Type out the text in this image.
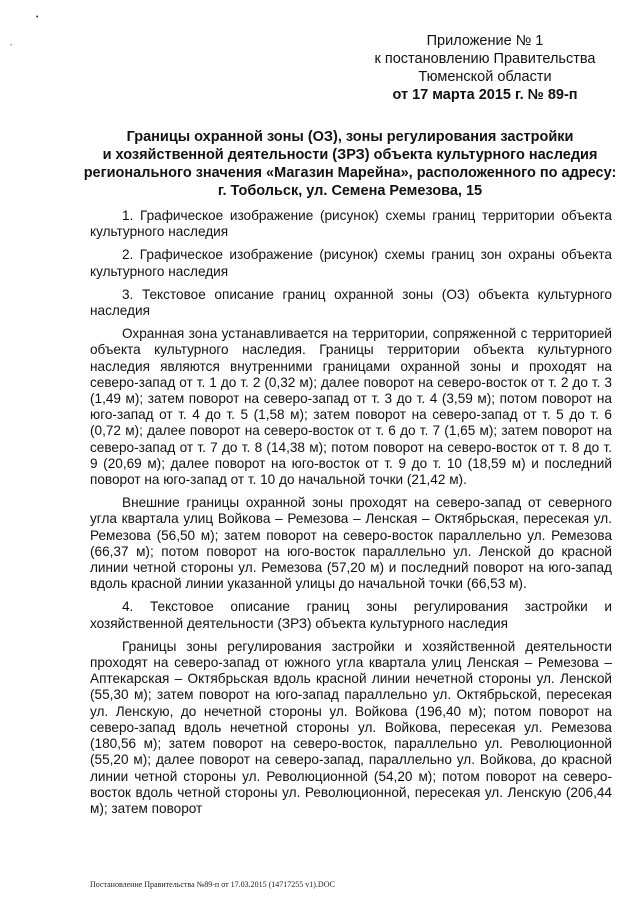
•
-	Приложение № 1
к постановлению Правительства
Тюменской области
от 17 марта 2015 г. № 89-п
Границы охранной зоны (ОЗ), зоны регулирования застройки
и хозяйственной деятельности (ЗРЗ) объекта культурного наследия
регионального значения «Магазин Марейна», расположенного по адресу:
г. Тобольск, ул. Семена Ремезова, 15

1. Графическое изображение (рисунок) схемы границ территории объекта культурного наследия

2. Графическое изображение (рисунок) схемы границ зон охраны объекта культурного наследия

3. Текстовое описание границ охранной зоны (ОЗ) объекта культурного наследия

Охранная зона устанавливается на территории, сопряженной с территорией объекта культурного наследия. Границы территории объекта культурного наследия являются внутренними границами охранной зоны и проходят на северо-запад от т. 1 до т. 2 (0,32 м); далее поворот на северо-восток от т. 2 до т. 3 (1,49 м); затем поворот на северо-запад от т. 3 до т. 4 (3,59 м); потом поворот на юго-запад от т. 4 до т. 5 (1,58 м); затем поворот на северо-запад от т. 5 до т. 6 (0,72 м); далее поворот на северо-восток от т. 6 до т. 7 (1,65 м); затем поворот на северо-запад от т. 7 до т. 8 (14,38 м); потом поворот на северо-восток от т. 8 до т. 9 (20,69 м); далее поворот на юго-восток от т. 9 до т. 10 (18,59 м) и последний поворот на юго-запад от т. 10 до начальной точки (21,42 м).

Внешние границы охранной зоны проходят на северо-запад от северного угла квартала улиц Войкова – Ремезова – Ленская – Октябрьская, пересекая ул. Ремезова (56,50 м); затем поворот на северо-восток параллельно ул. Ремезова (66,37 м); потом поворот на юго-восток параллельно ул. Ленской до красной линии четной стороны ул. Ремезова (57,20 м) и последний поворот на юго-запад вдоль красной линии указанной улицы до начальной точки (66,53 м).

4. Текстовое описание границ зоны регулирования застройки и хозяйственной деятельности (ЗРЗ) объекта культурного наследия

Границы зоны регулирования застройки и хозяйственной деятельности проходят на северо-запад от южного угла квартала улиц Ленская – Ремезова – Аптекарская – Октябрьская вдоль красной линии нечетной стороны ул. Ленской (55,30 м); затем поворот на юго-запад параллельно ул. Октябрьской, пересекая ул. Ленскую, до нечетной стороны ул. Войкова (196,40 м); потом поворот на северо-запад вдоль нечетной стороны ул. Войкова, пересекая ул. Ремезова (180,56 м); затем поворот на северо-восток, параллельно ул. Революционной (55,20 м); далее поворот на северо-запад, параллельно ул. Войкова, до красной линии четной стороны ул. Революционной (54,20 м); потом поворот на северо-восток вдоль четной стороны ул. Революционной, пересекая ул. Ленскую (206,44 м); затем поворот

Постановление Правительства №89-п от 17.03.2015 (14717255 v1).DOC
